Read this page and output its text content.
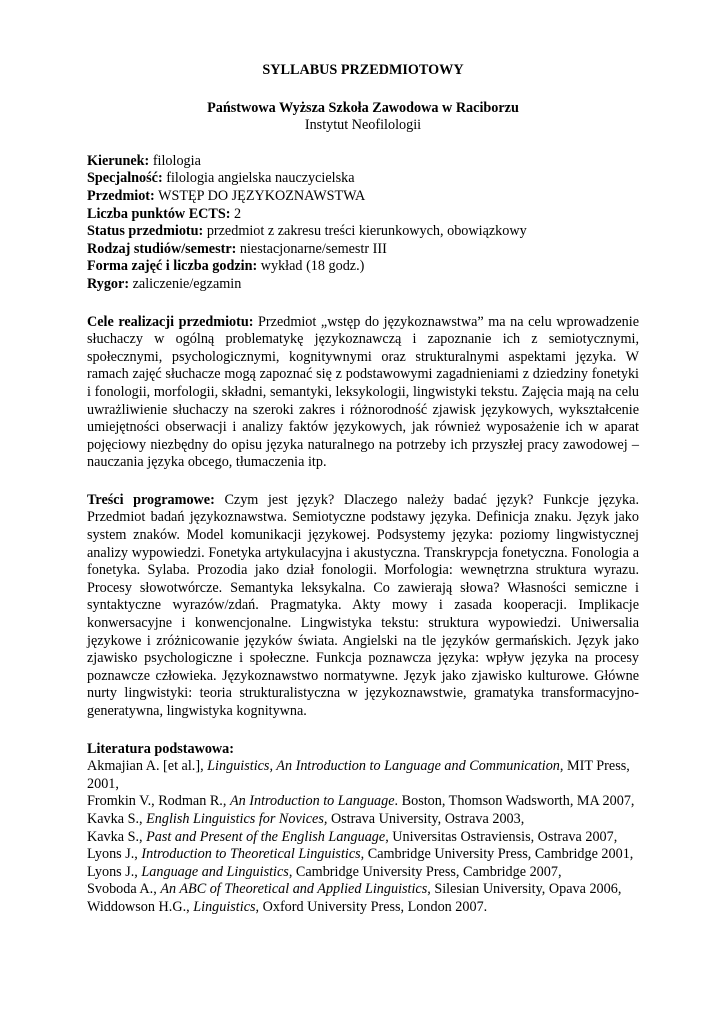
SYLLABUS PRZEDMIOTOWY

Państwowa Wyższa Szkoła Zawodowa w Raciborzu
Instytut Neofilologii

Kierunek: filologia

Specjalność: filologia angielska nauczycielska

Przedmiot: WSTĘP DO JĘZYKOZNAWSTWA

Liczba punktów ECTS: 2

Status przedmiotu: przedmiot z zakresu treści kierunkowych, obowiązkowy

Rodzaj studiów/semestr: niestacjonarne/semestr III

Forma zajęć i liczba godzin: wykład (18 godz.)

Rygor: zaliczenie/egzamin

Cele realizacji przedmiotu: Przedmiot „wstęp do językoznawstwa” ma na celu wprowadzenie słuchaczy w ogólną problematykę językoznawczą i zapoznanie ich z semiotycznymi, społecznymi, psychologicznymi, kognitywnymi oraz strukturalnymi aspektami języka. W ramach zajęć słuchacze mogą zapoznać się z podstawowymi zagadnieniami z dziedziny fonetyki i fonologii, morfologii, składni, semantyki, leksykologii, lingwistyki tekstu. Zajęcia mają na celu uwrażliwienie słuchaczy na szeroki zakres i różnorodność zjawisk językowych, wykształcenie umiejętności obserwacji i analizy faktów językowych, jak również wyposażenie ich w aparat pojęciowy niezbędny do opisu języka naturalnego na potrzeby ich przyszłej pracy zawodowej – nauczania języka obcego, tłumaczenia itp.

Treści programowe: Czym jest język? Dlaczego należy badać język? Funkcje języka. Przedmiot badań językoznawstwa. Semiotyczne podstawy języka. Definicja znaku. Język jako system znaków. Model komunikacji językowej. Podsystemy języka: poziomy lingwistycznej analizy wypowiedzi. Fonetyka artykulacyjna i akustyczna. Transkrypcja fonetyczna. Fonologia a fonetyka. Sylaba. Prozodia jako dział fonologii. Morfologia: wewnętrzna struktura wyrazu. Procesy słowotwórcze. Semantyka leksykalna. Co zawierają słowa? Własności semiczne i syntaktyczne wyrazów/zdań. Pragmatyka. Akty mowy i zasada kooperacji. Implikacje konwersacyjne i konwencjonalne. Lingwistyka tekstu: struktura wypowiedzi. Uniwersalia językowe i zróżnicowanie języków świata. Angielski na tle języków germańskich. Język jako zjawisko psychologiczne i społeczne. Funkcja poznawcza języka: wpływ języka na procesy poznawcze człowieka. Językoznawstwo normatywne. Język jako zjawisko kulturowe. Główne nurty lingwistyki: teoria strukturalistyczna w językoznawstwie, gramatyka transformacyjno-generatywna, lingwistyka kognitywna.

Literatura podstawowa:

Akmajian A. [et al.], Linguistics, An Introduction to Language and Communication, MIT Press, 2001,

Fromkin V., Rodman R., An Introduction to Language. Boston, Thomson Wadsworth, MA 2007,

Kavka S., English Linguistics for Novices, Ostrava University, Ostrava 2003,

Kavka S., Past and Present of the English Language, Universitas Ostraviensis, Ostrava 2007,

Lyons J., Introduction to Theoretical Linguistics, Cambridge University Press, Cambridge 2001,

Lyons J., Language and Linguistics, Cambridge University Press, Cambridge 2007,

Svoboda A., An ABC of Theoretical and Applied Linguistics, Silesian University, Opava 2006,

Widdowson H.G., Linguistics, Oxford University Press, London 2007.
